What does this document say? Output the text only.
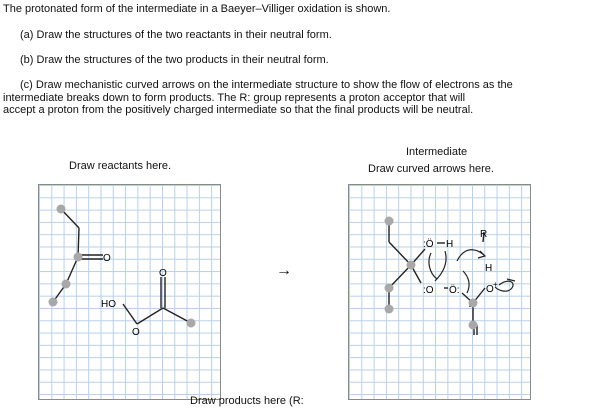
The protonated form of the intermediate in a Baeyer–Villiger oxidation is shown.
(a) Draw the structures of the two reactants in their neutral form.
(b) Draw the structures of the two products in their neutral form.
(c) Draw mechanistic curved arrows on the intermediate structure to show the flow of electrons as the
intermediate breaks down to form products. The R: group represents a proton acceptor that will
accept a proton from the positively charged intermediate so that the final products will be neutral.
Draw reactants here.
O
HO
O
O	→
Intermediate
Draw curved arrows here.
:Ö H
R
H
:O Ö:	O +
Draw products here (R:
